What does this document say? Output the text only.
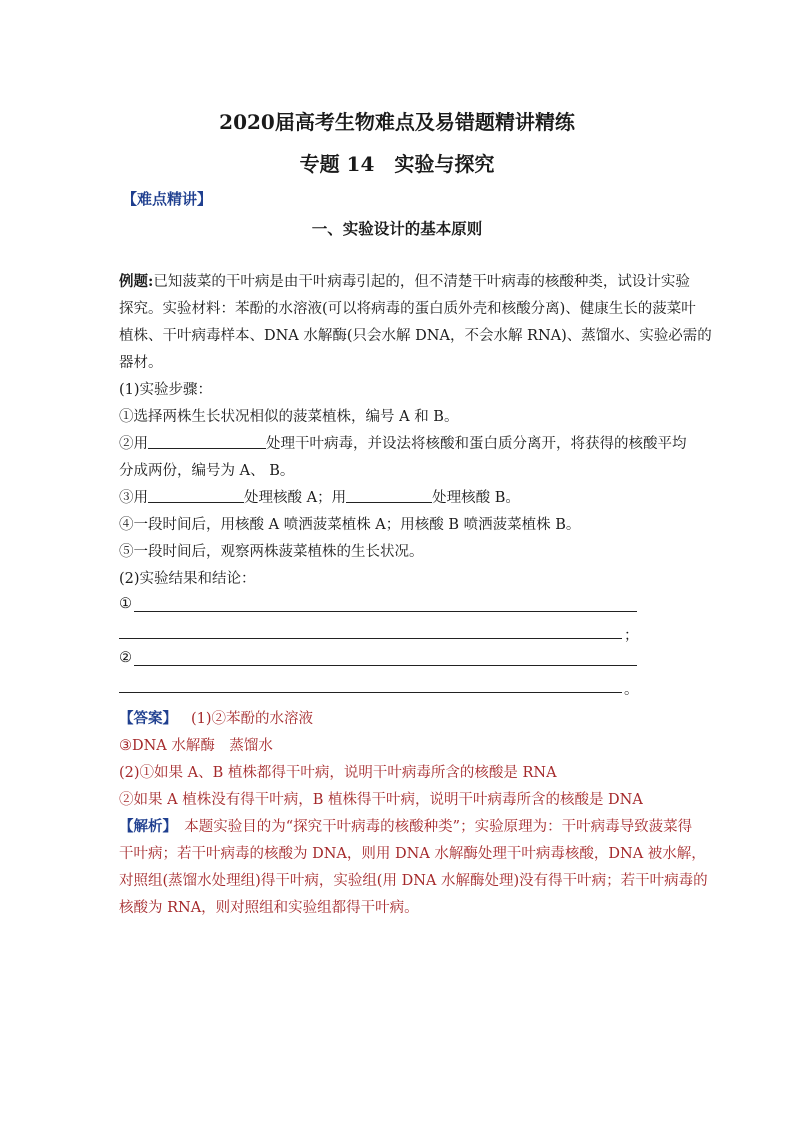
2020届高考生物难点及易错题精讲精练
专题 14　实验与探究
【难点精讲】
一、实验设计的基本原则
例题:已知菠菜的干叶病是由干叶病毒引起的，但不清楚干叶病毒的核酸种类，试设计实验
探究。实验材料：苯酚的水溶液(可以将病毒的蛋白质外壳和核酸分离)、健康生长的菠菜叶
植株、干叶病毒样本、DNA 水解酶(只会水解 DNA，不会水解 RNA)、蒸馏水、实验必需的
器材。
(1)实验步骤：
①选择两株生长状况相似的菠菜植株，编号 A 和 B。
②用	处理干叶病毒，并设法将核酸和蛋白质分离开，将获得的核酸平均
分成两份，编号为 A、 B。
③用	处理核酸 A；用	处理核酸 B。
④一段时间后，用核酸 A 喷洒菠菜植株 A；用核酸 B 喷洒菠菜植株 B。
⑤一段时间后，观察两株菠菜植株的生长状况。
(2)实验结果和结论：
①
；
②
。
【答案】 (1)②苯酚的水溶液
③DNA 水解酶　蒸馏水
(2)①如果 A、B 植株都得干叶病，说明干叶病毒所含的核酸是 RNA
②如果 A 植株没有得干叶病，B 植株得干叶病，说明干叶病毒所含的核酸是 DNA
【解析】　本题实验目的为“探究干叶病毒的核酸种类”；实验原理为：干叶病毒导致菠菜得
干叶病；若干叶病毒的核酸为 DNA，则用 DNA 水解酶处理干叶病毒核酸，DNA 被水解，
对照组(蒸馏水处理组)得干叶病，实验组(用 DNA 水解酶处理)没有得干叶病；若干叶病毒的
核酸为 RNA，则对照组和实验组都得干叶病。
